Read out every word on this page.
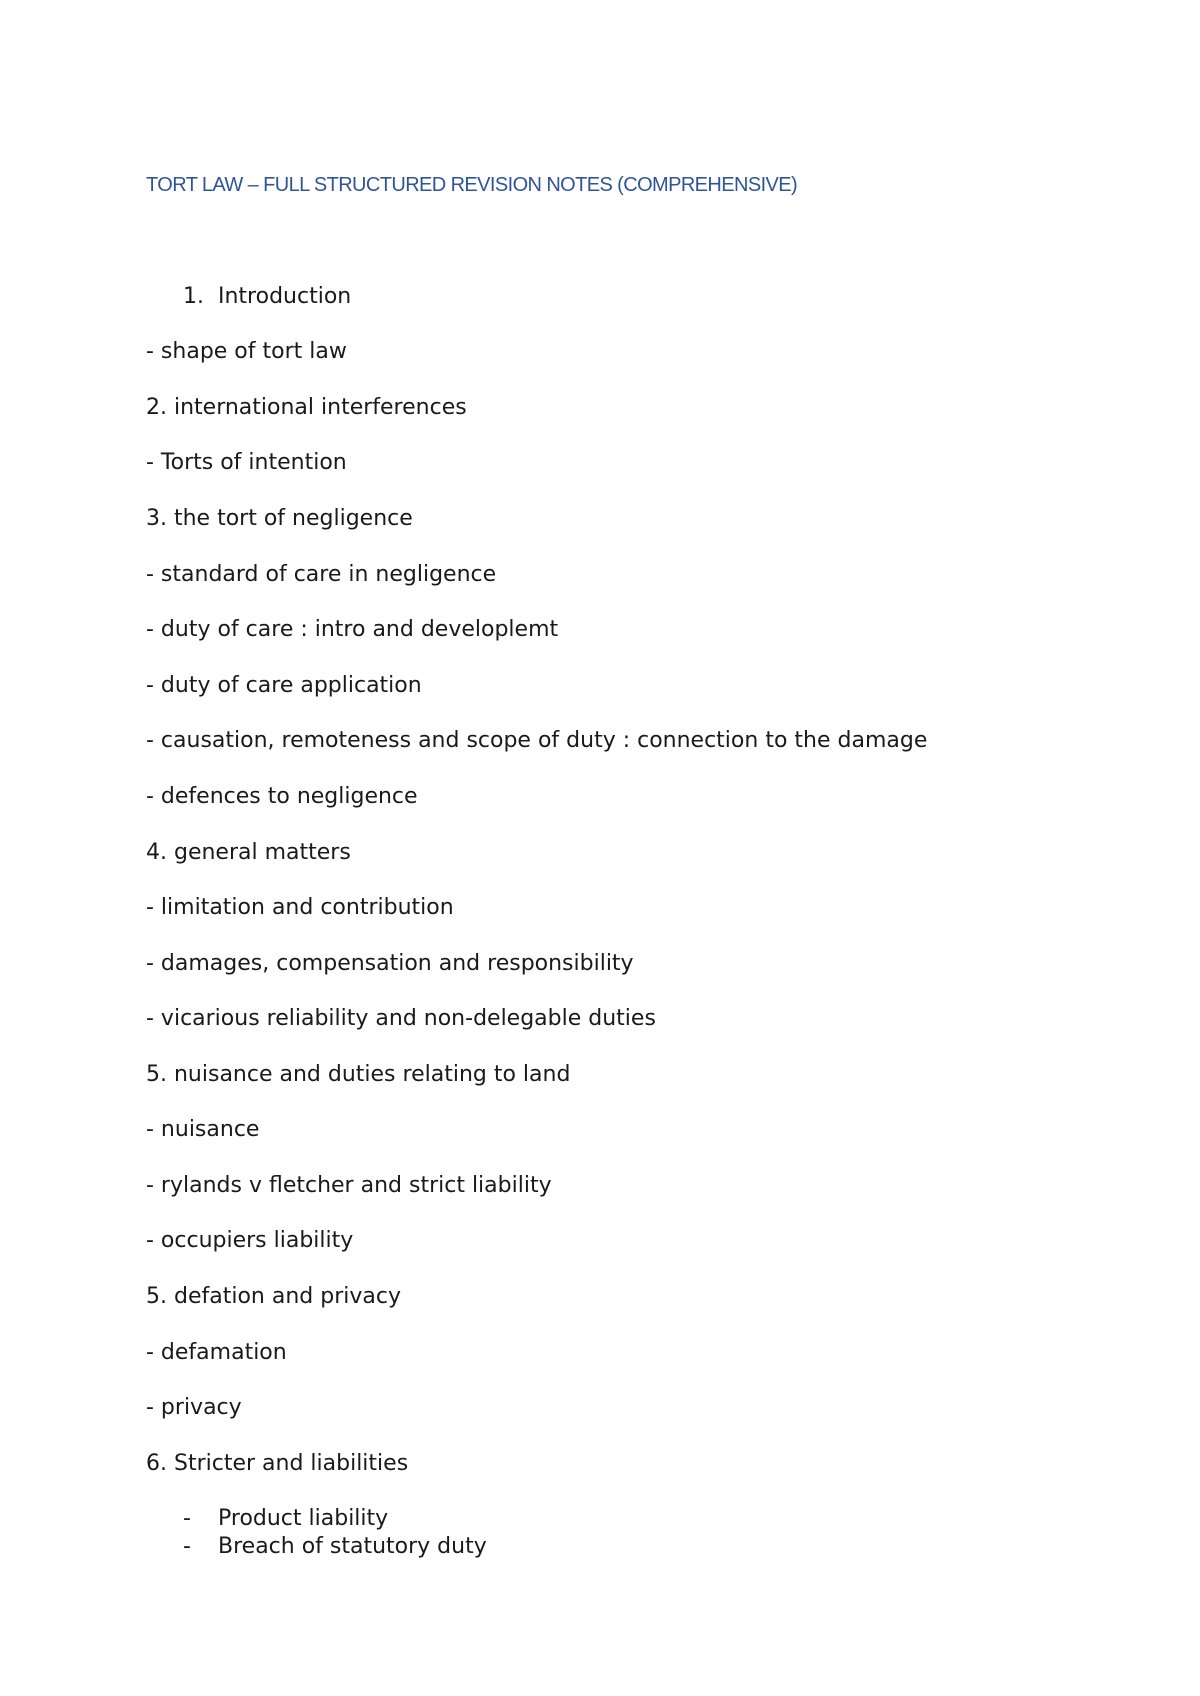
TORT LAW – FULL STRUCTURED REVISION NOTES (COMPREHENSIVE)
1. Introduction
- shape of tort law
2. international interferences
- Torts of intention
3. the tort of negligence
- standard of care in negligence
- duty of care : intro and developlemt
- duty of care application
- causation, remoteness and scope of duty : connection to the damage
- defences to negligence
4. general matters
- limitation and contribution
- damages, compensation and responsibility
- vicarious reliability and non-delegable duties
5. nuisance and duties relating to land
- nuisance
- rylands v fletcher and strict liability
- occupiers liability
5. defation and privacy
- defamation
- privacy
6. Stricter and liabilities
- Product liability
- Breach of statutory duty
